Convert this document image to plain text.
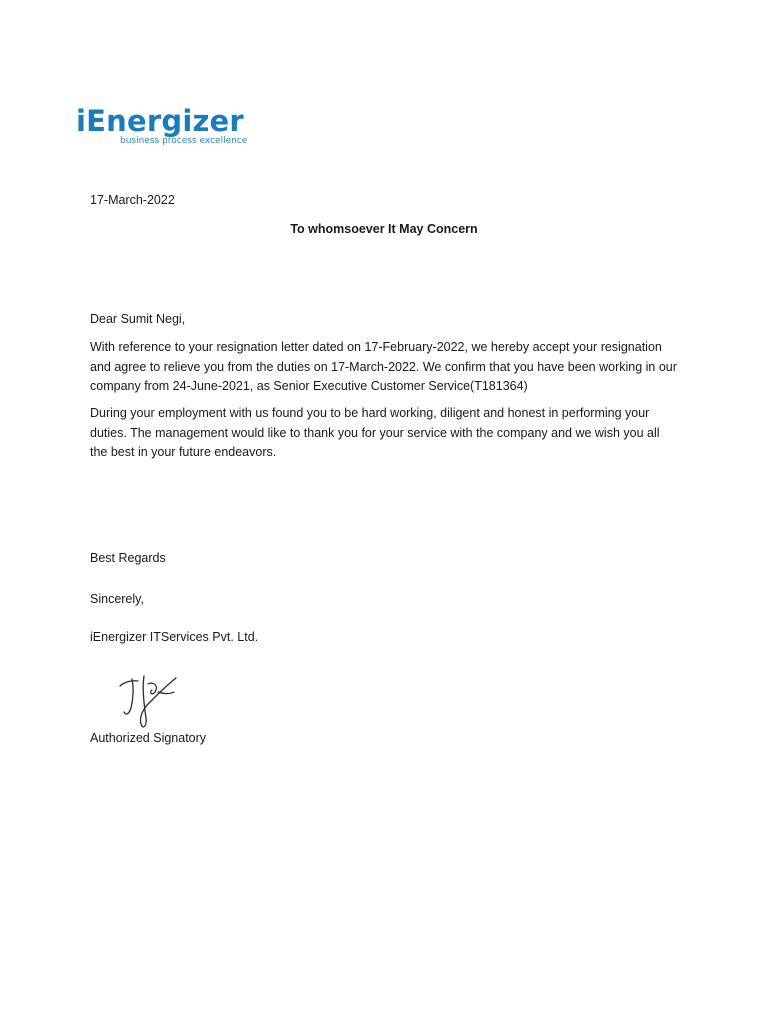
iEnergizer
business process excellence
17-March-2022
To whomsoever It May Concern
Dear Sumit Negi,
With reference to your resignation letter dated on 17-February-2022, we hereby accept your resignation and agree to relieve you from the duties on 17-March-2022. We confirm that you have been working in our company from 24-June-2021, as Senior Executive Customer Service(T181364)
During your employment with us found you to be hard working, diligent and honest in performing your duties. The management would like to thank you for your service with the company and we wish you all the best in your future endeavors.
Best Regards
Sincerely,
iEnergizer ITServices Pvt. Ltd.
Authorized Signatory
